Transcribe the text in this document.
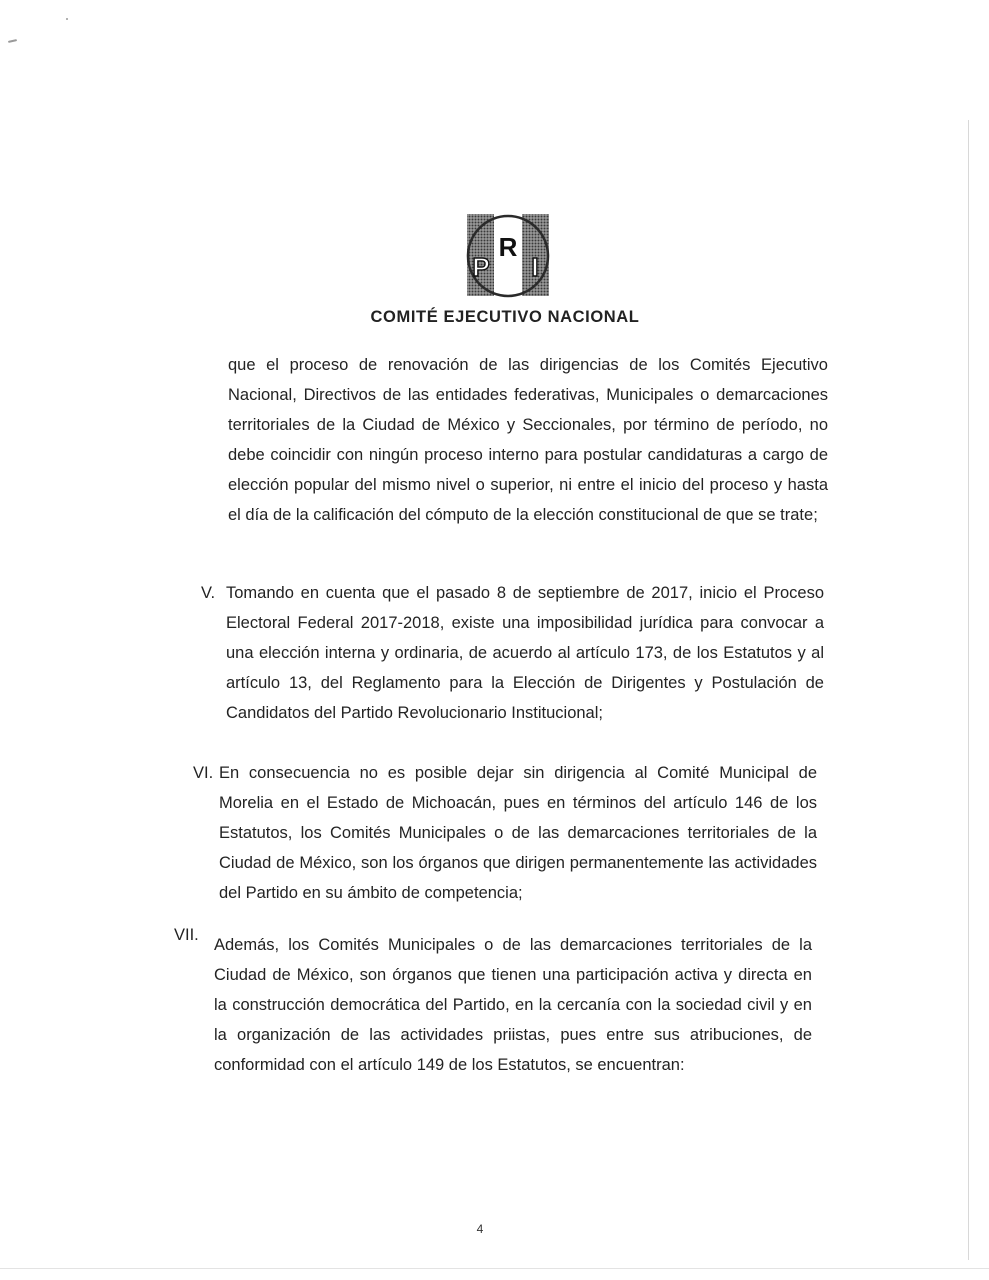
P
R
I
COMITÉ EJECUTIVO NACIONAL
que el proceso de renovación de las dirigencias de los Comités Ejecutivo Nacional, Directivos de las entidades federativas, Municipales o demarcaciones territoriales de la Ciudad de México y Seccionales, por término de período, no debe coincidir con ningún proceso interno para postular candidaturas a cargo de elección popular del mismo nivel o superior, ni entre el inicio del proceso y hasta el día de la calificación del cómputo de la elección constitucional de que se trate;
V. Tomando en cuenta que el pasado 8 de septiembre de 2017, inicio el Proceso Electoral Federal 2017-2018, existe una imposibilidad jurídica para convocar a una elección interna y ordinaria, de acuerdo al artículo 173, de los Estatutos y al artículo 13, del Reglamento para la Elección de Dirigentes y Postulación de Candidatos del Partido Revolucionario Institucional;
VI. En consecuencia no es posible dejar sin dirigencia al Comité Municipal de Morelia en el Estado de Michoacán, pues en términos del artículo 146 de los Estatutos, los Comités Municipales o de las demarcaciones territoriales de la Ciudad de México, son los órganos que dirigen permanentemente las actividades del Partido en su ámbito de competencia;
VII.
Además, los Comités Municipales o de las demarcaciones territoriales de la Ciudad de México, son órganos que tienen una participación activa y directa en la construcción democrática del Partido, en la cercanía con la sociedad civil y en la organización de las actividades priistas, pues entre sus atribuciones, de conformidad con el artículo 149 de los Estatutos, se encuentran:
4
